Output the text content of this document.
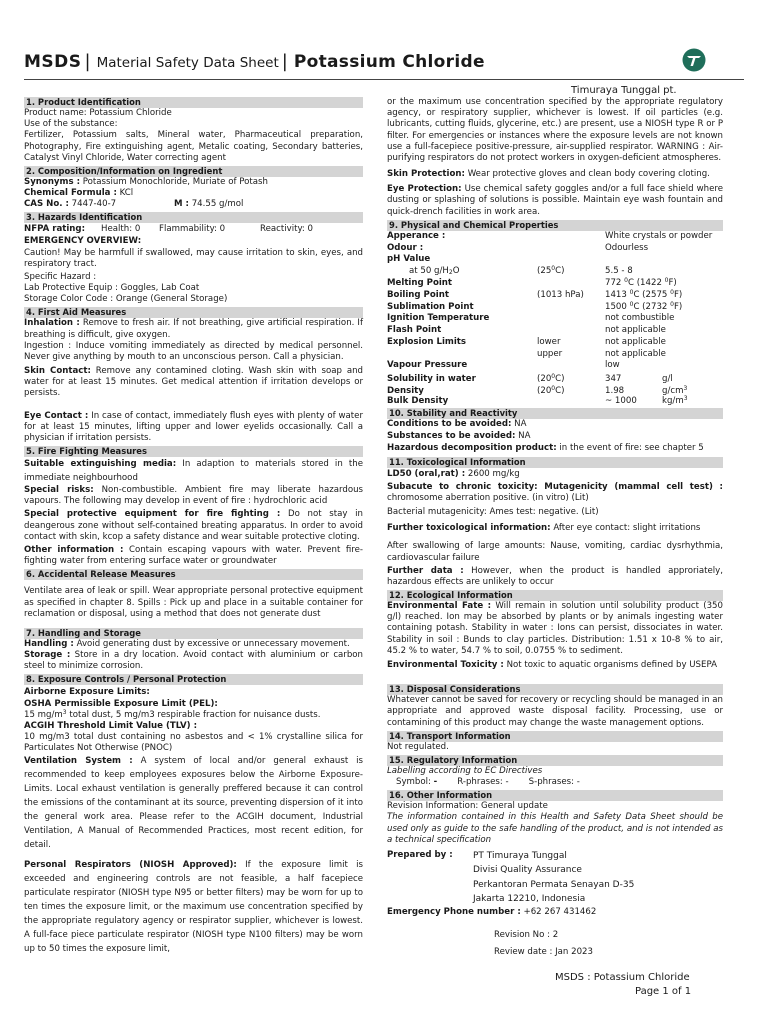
MSDS | Material Safety Data Sheet | Potassium Chloride
Timuraya Tunggal pt.
1. Product Identification

Product name: Potassium Chloride

Use of the substance:

Fertilizer, Potassium salts, Mineral water, Pharmaceutical preparation, Photography, Fire extinguishing agent, Metalic coating, Secondary batteries, Catalyst Vinyl Chloride, Water correcting agent

2. Composition/Information on Ingredient

Synonyms : Potassium Monochloride, Muriate of Potash

Chemical Formula : KCl

CAS No. : 7447-40-7	M : 74.55 g/mol

3. Hazards Identification

NFPA rating: Health: 0 Flammability: 0	Reactivity: 0

EMERGENCY OVERVIEW:

Caution! May be harmfull if swallowed, may cause irritation to skin, eyes, and respiratory tract.

Specific Hazard :

Lab Protective Equip : Goggles, Lab Coat

Storage Color Code : Orange (General Storage)

4. First Aid Measures

Inhalation : Remove to fresh air. If not breathing, give artificial respiration. If breathing is difficult, give oxygen.

Ingestion : Induce vomiting immediately as directed by medical personnel. Never give anything by mouth to an unconscious person. Call a physician.

Skin Contact: Remove any contamined cloting. Wash skin with soap and water for at least 15 minutes. Get medical attention if irritation develops or persists.

Eye Contact : In case of contact, immediately flush eyes with plenty of water for at least 15 minutes, lifting upper and lower eyelids occasionally. Call a physician if irritation persists.

5. Fire Fighting Measures

Suitable extinguishing media: In adaption to materials stored in the immediate neighbourhood

Special risks: Non-combustible. Ambient fire may liberate hazardous vapours. The following may develop in event of fire : hydrochloric acid

Special protective equipment for fire fighting : Do not stay in deangerous zone without self-contained breating apparatus. In order to avoid contact with skin, kcop a safety distance and wear suitable protective cloting.

Other information : Contain escaping vapours with water. Prevent fire-fighting water from entering surface water or groundwater

6. Accidental Release Measures

Ventilate area of leak or spill. Wear appropriate personal protective equipment as specified in chapter 8. Spills : Pick up and place in a suitable container for reclamation or disposal, using a method that does not generate dust

7. Handling and Storage

Handling : Avoid generating dust by excessive or unnecessary movement.

Storage : Store in a dry location. Avoid contact with aluminium or carbon steel to minimize corrosion.

8. Exposure Controls / Personal Protection

Airborne Exposure Limits:

OSHA Permissible Exposure Limit (PEL):

15 $mg/m^3$ total dust, 5 mg/m3 respirable fraction for nuisance dusts.

ACGIH Threshold Limit Value (TLV) :

10 mg/m3 total dust containing no asbestos and < 1% crystalline silica for Particulates Not Otherwise (PNOC)

Ventilation System : A system of local and/or general exhaust is recommended to keep employees exposures below the Airborne Exposure-Limits. Local exhaust ventilation is generally preffered because it can control the emissions of the contaminant at its source, preventing dispersion of it into the general work area. Please refer to the ACGIH document, Industrial Ventilation, A Manual of Recommended Practices, most recent edition, for detail.

Personal Respirators (NIOSH Approved): If the exposure limit is exceeded and engineering controls are not feasible, a half facepiece particulate respirator (NIOSH type N95 or better filters) may be worn for up to ten times the exposure limit, or the maximum use concentration specified by the appropriate regulatory agency or respirator supplier, whichever is lowest. A full-face piece particulate respirator (NIOSH type N100 filters) may be worn up to 50 times the exposure limit,

or the maximum use concentration specified by the appropriate regulatory agency, or respiratory supplier, whichever is lowest. If oil particles (e.g. lubricants, cutting fluids, glycerine, etc.) are present, use a NIOSH type R or P filter. For emergencies or instances where the exposure levels are not known use a full-facepiece positive-pressure, air-supplied respirator. WARNING : Air-purifying respirators do not protect workers in oxygen-deficient atmospheres.

Skin Protection: Wear protective gloves and clean body covering cloting.

Eye Protection: Use chemical safety goggles and/or a full face shield where dusting or splashing of solutions is possible. Maintain eye wash fountain and quick-drench facilities in work area.

9. Physical and Chemical Properties
Apperance :		White crystals or powder	
Odour :		Odourless	
pH Value			
at 50 $g/H_2O$	$(25^0C)$	5.5 - 8	
Melting Point		772 $^0$C (1422 $^0$F)	
Boiling Point	(1013 hPa)	1413 $^0$C (2575 $^0$F)	
Sublimation Point		1500 $^0$C (2732 $^0$F)	
Ignition Temperature		not combustible	
Flash Point		not applicable	
Explosion Limits	lower	not applicable	
	upper	not applicable	
Vapour Pressure		low	
Solubility in water	$(20^0C)$	347	g/l
Density	$(20^0C)$	1.98	$g/cm^3$
Bulk Density		~ 1000	$kg/m^3$
10. Stability and Reactivity

Conditions to be avoided: NA

Substances to be avoided: NA

Hazardous decomposition product: in the event of fire: see chapter 5

11. Toxicological Information

LD50 (oral,rat) : 2600 mg/kg

Subacute to chronic toxicity: Mutagenicity (mammal cell test) : chromosome aberration positive. (in vitro) (Lit)

Bacterial mutagenicity: Ames test: negative. (Lit)

Further toxicological information: After eye contact: slight irritations

After swallowing of large amounts: Nause, vomiting, cardiac dysrhythmia, cardiovascular failure

Further data : However, when the product is handled approriately, hazardous effects are unlikely to occur

12. Ecological Information

Environmental Fate : Will remain in solution until solubility product (350 g/l) reached. Ion may be absorbed by plants or by animals ingesting water containing potash. Stability in water : Ions can persist, dissociates in water. Stability in soil : Bunds to clay particles. Distribution: 1.51 x 10-8 % to air, 45.2 % to water, 54.7 % to soil, 0.0755 % to sediment.

Environmental Toxicity : Not toxic to aquatic organisms defined by USEPA

13. Disposal Considerations

Whatever cannot be saved for recovery or recycling should be managed in an appropriate and approved waste disposal facility. Processing, use or contamining of this product may change the waste management options.

14. Transport Information

Not regulated.

15. Regulatory Information

Labelling according to EC Directives

Symbol: - R-phrases: - S-phrases: -

16. Other Information

Revision Information: General update

The information contained in this Health and Safety Data Sheet should be used only as guide to the safe handling of the product, and is not intended as a technical specification

Prepared by : PT Timuraya Tunggal
Divisi Quality Assurance
Perkantoran Permata Senayan D-35
Jakarta 12210, Indonesia

Emergency Phone number : +62 267 431462

Revision No : 2

Review date : Jan 2023

MSDS : Potassium Chloride
Page 1 of 1
